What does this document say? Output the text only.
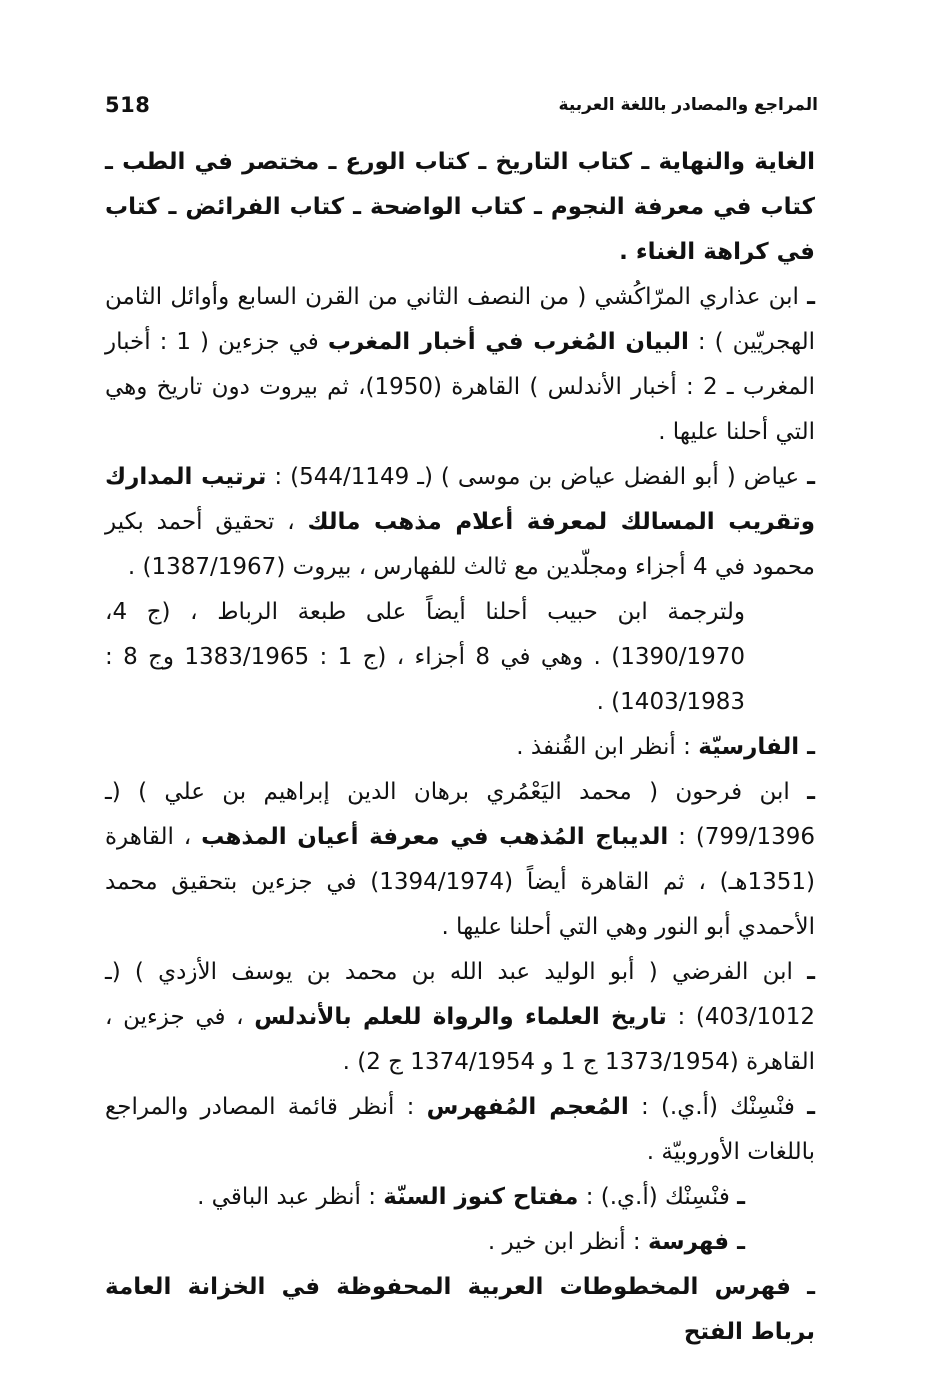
518	المراجع والمصادر باللغة العربية

الغاية والنهاية ـ كتاب التاريخ ـ كتاب الورع ـ مختصر في الطب ـ كتاب في معرفة النجوم ـ كتاب الواضحة ـ كتاب الفرائض ـ كتاب في كراهة الغناء .

ـ ابن عذاري المرّاكُشي ( من النصف الثاني من القرن السابع وأوائل الثامن الهجريّين ) : البيان المُغرب في أخبار المغرب في جزءين ( 1 : أخبار المغرب ـ 2 : أخبار الأندلس ) القاهرة (1950)، ثم بيروت دون تاريخ وهي التي أحلنا عليها .

ـ عياض ( أبو الفضل عياض بن موسى ) (ـ 544/1149) : ترتيب المدارك وتقريب المسالك لمعرفة أعلام مذهب مالك ، تحقيق أحمد بكير محمود في 4 أجزاء ومجلّدين مع ثالث للفهارس ، بيروت (1387/1967) .

ولترجمة ابن حبيب أحلنا أيضاً على طبعة الرباط ، (ج 4، 1390/1970) . وهي في 8 أجزاء ، (ج 1 : 1383/1965 وج 8 : 1403/1983) .

ـ الفارسيّة : أنظر ابن القُنفذ .

ـ ابن فرحون ( محمد اليَعْمُري برهان الدين إبراهيم بن علي ) (ـ 799/1396) : الديباج المُذهب في معرفة أعيان المذهب ، القاهرة (1351هـ) ، ثم القاهرة أيضاً (1394/1974) في جزءين بتحقيق محمد الأحمدي أبو النور وهي التي أحلنا عليها .

ـ ابن الفرضي ( أبو الوليد عبد الله بن محمد بن يوسف الأزدي ) (ـ 403/1012) : تاريخ العلماء والرواة للعلم بالأندلس ، في جزءين ، القاهرة (1373/1954 ج 1 و 1374/1954 ج 2) .

ـ فنْسِنْك (أ.ي.) : المُعجم المُفهرس : أنظر قائمة المصادر والمراجع باللغات الأوروبيّة .

ـ فنْسِنْك (أ.ي.) : مفتاح كنوز السنّة : أنظر عبد الباقي .

ـ فهرسة : أنظر ابن خير .

ـ فهرس المخطوطات العربية المحفوظة في الخزانة العامة برباط الفتح
